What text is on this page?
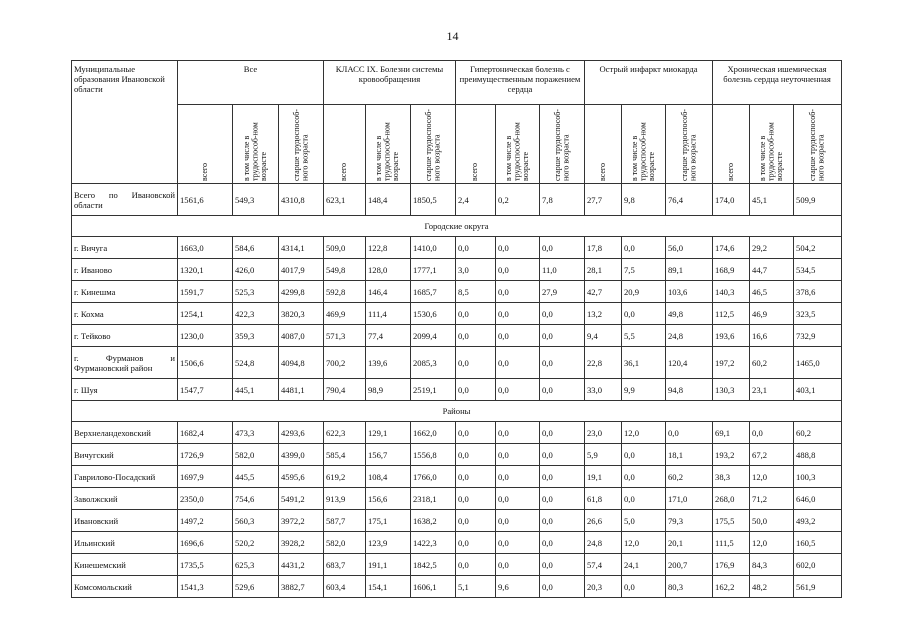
14
Муниципальные образования Ивановской области	Все			КЛАСС IX. Болезни системы кровообращения			Гипертоническая болезнь с преимущественным поражением сердца			Острый инфаркт миокарда			Хроническая ишемическая болезнь сердца неуточненная		

	всего	в том числе в трудоспособ-ном возрасте	старше трудоспособ-ного возраста	всего	в том числе в трудоспособ-ном возрасте	старше трудоспособ-ного возраста	всего	в том числе в трудоспособ-ном возрасте	старше трудоспособ-ного возраста	всего	в том числе в трудоспособ-ном возрасте	старше трудоспособ-ного возраста	всего	в том числе в трудоспособ-ном возрасте	старше трудоспособ-ного возраста

Всего по Ивановской области	1561,6	549,3	4310,8	623,1	148,4	1850,5	2,4	0,2	7,8	27,7	9,8	76,4	174,0	45,1	509,9
Городские округа															
г. Вичуга	1663,0	584,6	4314,1	509,0	122,8	1410,0	0,0	0,0	0,0	17,8	0,0	56,0	174,6	29,2	504,2
г. Иваново	1320,1	426,0	4017,9	549,8	128,0	1777,1	3,0	0,0	11,0	28,1	7,5	89,1	168,9	44,7	534,5
г. Кинешма	1591,7	525,3	4299,8	592,8	146,4	1685,7	8,5	0,0	27,9	42,7	20,9	103,6	140,3	46,5	378,6
г. Кохма	1254,1	422,3	3820,3	469,9	111,4	1530,6	0,0	0,0	0,0	13,2	0,0	49,8	112,5	46,9	323,5
г. Тейково	1230,0	359,3	4087,0	571,3	77,4	2099,4	0,0	0,0	0,0	9,4	5,5	24,8	193,6	16,6	732,9
г. Фурманов и Фурмановский район	1506,6	524,8	4094,8	700,2	139,6	2085,3	0,0	0,0	0,0	22,8	36,1	120,4	197,2	60,2	1465,0
г. Шуя	1547,7	445,1	4481,1	790,4	98,9	2519,1	0,0	0,0	0,0	33,0	9,9	94,8	130,3	23,1	403,1
Районы															
Верхнеландеховский	1682,4	473,3	4293,6	622,3	129,1	1662,0	0,0	0,0	0,0	23,0	12,0	0,0	69,1	0,0	60,2
Вичугский	1726,9	582,0	4399,0	585,4	156,7	1556,8	0,0	0,0	0,0	5,9	0,0	18,1	193,2	67,2	488,8
Гаврилово-Посадский	1697,9	445,5	4595,6	619,2	108,4	1766,0	0,0	0,0	0,0	19,1	0,0	60,2	38,3	12,0	100,3
Заволжский	2350,0	754,6	5491,2	913,9	156,6	2318,1	0,0	0,0	0,0	61,8	0,0	171,0	268,0	71,2	646,0
Ивановский	1497,2	560,3	3972,2	587,7	175,1	1638,2	0,0	0,0	0,0	26,6	5,0	79,3	175,5	50,0	493,2
Ильинский	1696,6	520,2	3928,2	582,0	123,9	1422,3	0,0	0,0	0,0	24,8	12,0	20,1	111,5	12,0	160,5
Кинешемский	1735,5	625,3	4431,2	683,7	191,1	1842,5	0,0	0,0	0,0	57,4	24,1	200,7	176,9	84,3	602,0
Комсомольский	1541,3	529,6	3882,7	603,4	154,1	1606,1	5,1	9,6	0,0	20,3	0,0	80,3	162,2	48,2	561,9
